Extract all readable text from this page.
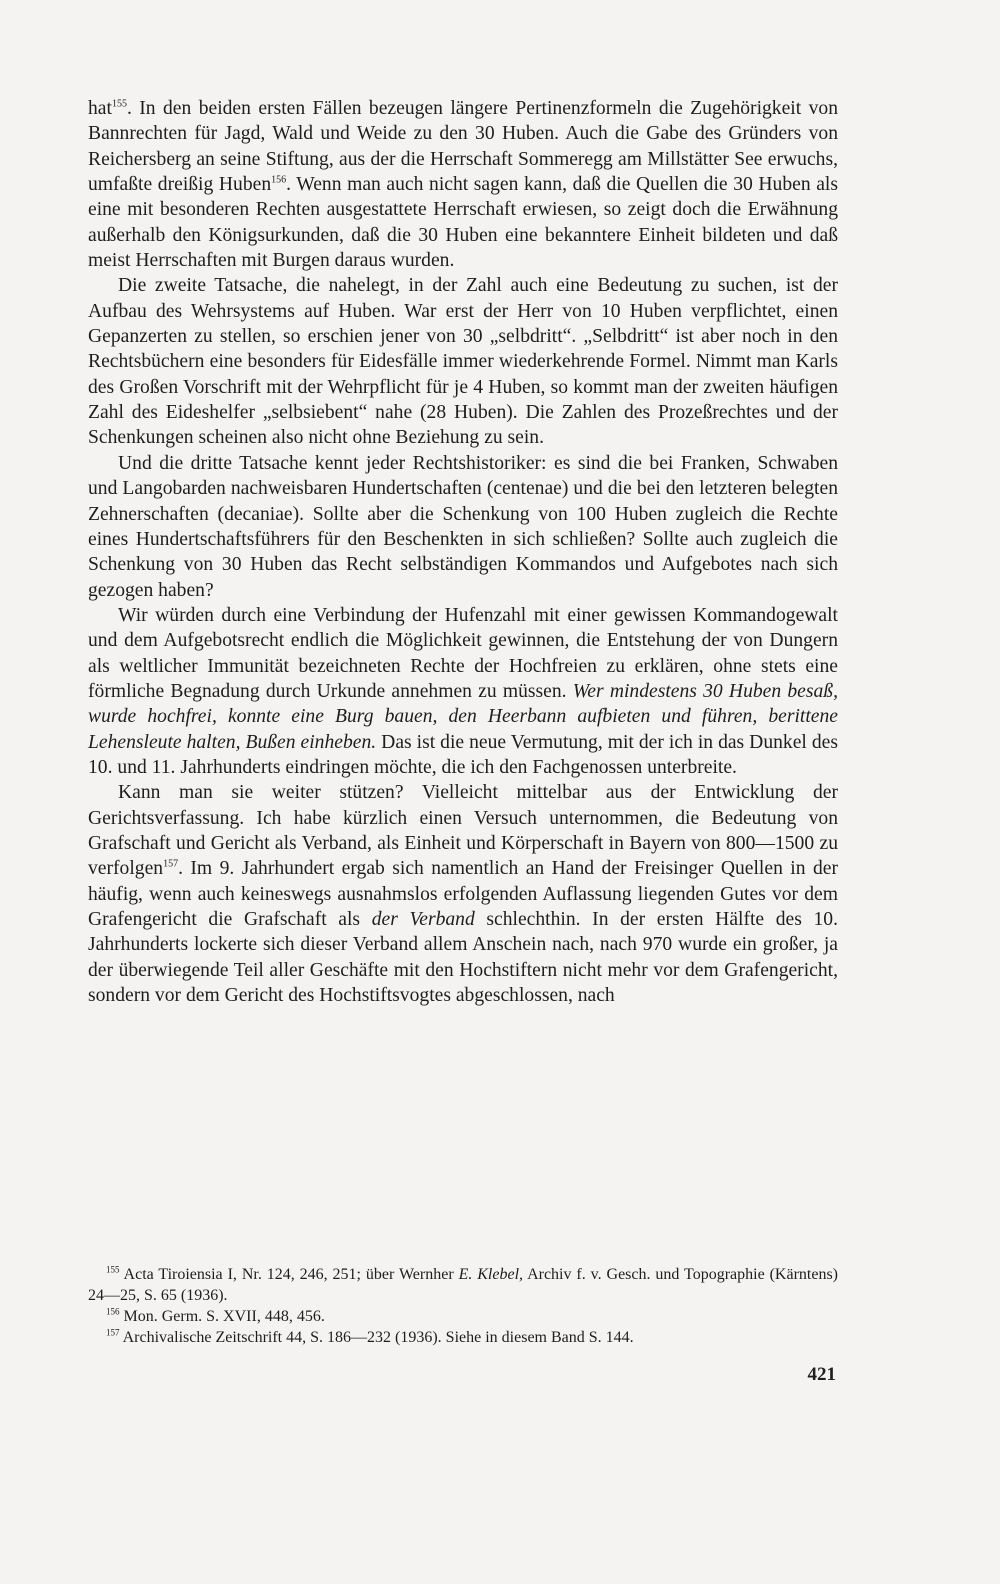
hat$^{155}$. In den beiden ersten Fällen bezeugen längere Pertinenzformeln die Zugehörigkeit von Bannrechten für Jagd, Wald und Weide zu den 30 Huben. Auch die Gabe des Gründers von Reichersberg an seine Stiftung, aus der die Herrschaft Sommeregg am Millstätter See erwuchs, umfaßte dreißig Huben$^{156}$. Wenn man auch nicht sagen kann, daß die Quellen die 30 Huben als eine mit besonderen Rechten ausgestattete Herrschaft erwiesen, so zeigt doch die Erwähnung außerhalb den Königsurkunden, daß die 30 Huben eine bekanntere Einheit bildeten und daß meist Herrschaften mit Burgen daraus wurden.

Die zweite Tatsache, die nahelegt, in der Zahl auch eine Bedeutung zu suchen, ist der Aufbau des Wehrsystems auf Huben. War erst der Herr von 10 Huben verpflichtet, einen Gepanzerten zu stellen, so erschien jener von 30 „selbdritt“. „Selbdritt“ ist aber noch in den Rechtsbüchern eine besonders für Eidesfälle immer wiederkehrende Formel. Nimmt man Karls des Großen Vorschrift mit der Wehrpflicht für je 4 Huben, so kommt man der zweiten häufigen Zahl des Eideshelfer „selbsiebent“ nahe (28 Huben). Die Zahlen des Prozeßrechtes und der Schenkungen scheinen also nicht ohne Beziehung zu sein.

Und die dritte Tatsache kennt jeder Rechtshistoriker: es sind die bei Franken, Schwaben und Langobarden nachweisbaren Hundertschaften (centenae) und die bei den letzteren belegten Zehnerschaften (decaniae). Sollte aber die Schenkung von 100 Huben zugleich die Rechte eines Hundertschaftsführers für den Beschenkten in sich schließen? Sollte auch zugleich die Schenkung von 30 Huben das Recht selbständigen Kommandos und Aufgebotes nach sich gezogen haben?

Wir würden durch eine Verbindung der Hufenzahl mit einer gewissen Kommandogewalt und dem Aufgebotsrecht endlich die Möglichkeit gewinnen, die Entstehung der von Dungern als weltlicher Immunität bezeichneten Rechte der Hochfreien zu erklären, ohne stets eine förmliche Begnadung durch Urkunde annehmen zu müssen. Wer mindestens 30 Huben besaß, wurde hochfrei, konnte eine Burg bauen, den Heerbann aufbieten und führen, berittene Lehensleute halten, Bußen einheben. Das ist die neue Vermutung, mit der ich in das Dunkel des 10. und 11. Jahrhunderts eindringen möchte, die ich den Fachgenossen unterbreite.

Kann man sie weiter stützen? Vielleicht mittelbar aus der Entwicklung der Gerichtsverfassung. Ich habe kürzlich einen Versuch unternommen, die Bedeutung von Grafschaft und Gericht als Verband, als Einheit und Körperschaft in Bayern von 800—1500 zu verfolgen$^{157}$. Im 9. Jahrhundert ergab sich namentlich an Hand der Freisinger Quellen in der häufig, wenn auch keineswegs ausnahmslos erfolgenden Auflassung liegenden Gutes vor dem Grafengericht die Grafschaft als der Verband schlechthin. In der ersten Hälfte des 10. Jahrhunderts lockerte sich dieser Verband allem Anschein nach, nach 970 wurde ein großer, ja der überwiegende Teil aller Geschäfte mit den Hochstiftern nicht mehr vor dem Grafengericht, sondern vor dem Gericht des Hochstiftsvogtes abgeschlossen, nach

$^{155}$ Acta Tiroiensia I, Nr. 124, 246, 251; über Wernher E. Klebel, Archiv f. v. Gesch. und Topographie (Kärntens) 24—25, S. 65 (1936).

$^{156}$ Mon. Germ. S. XVII, 448, 456.

$^{157}$ Archivalische Zeitschrift 44, S. 186—232 (1936). Siehe in diesem Band S. 144.

421
